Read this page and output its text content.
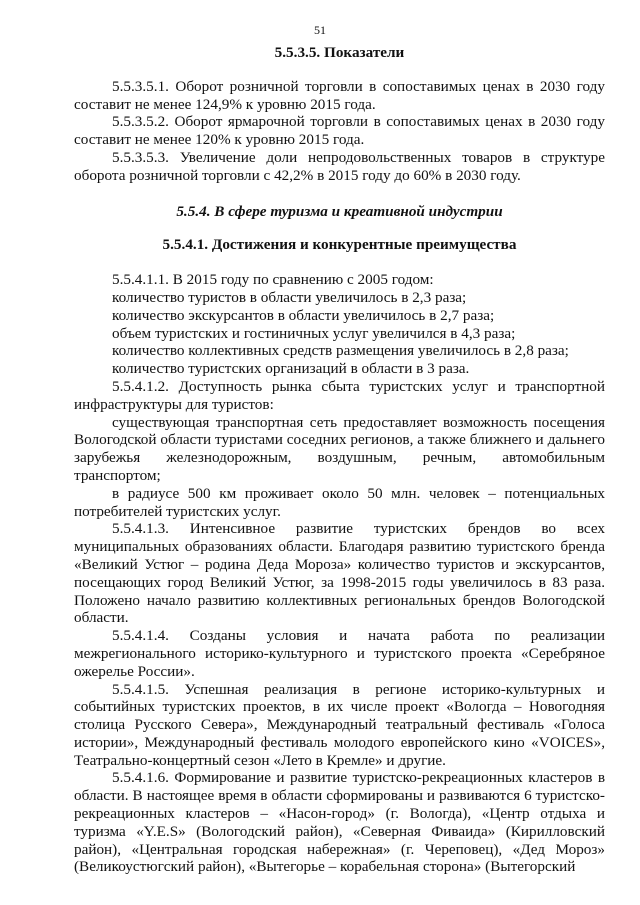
51
5.5.3.5. Показатели

5.5.3.5.1. Оборот розничной торговли в сопоставимых ценах в 2030 году составит не менее 124,9% к уровню 2015 года.

5.5.3.5.2. Оборот ярмарочной торговли в сопоставимых ценах в 2030 году составит не менее 120% к уровню 2015 года.

5.5.3.5.3. Увеличение доли непродовольственных товаров в структуре оборота розничной торговли с 42,2% в 2015 году до 60% в 2030 году.

5.5.4. В сфере туризма и креативной индустрии
5.5.4.1. Достижения и конкурентные преимущества

5.5.4.1.1. В 2015 году по сравнению с 2005 годом:

количество туристов в области увеличилось в 2,3 раза;

количество экскурсантов в области увеличилось в 2,7 раза;

объем туристских и гостиничных услуг увеличился в 4,3 раза;

количество коллективных средств размещения увеличилось в 2,8 раза;

количество туристских организаций в области в 3 раза.

5.5.4.1.2. Доступность рынка сбыта туристских услуг и транспортной инфраструктуры для туристов:

существующая транспортная сеть предоставляет возможность посещения Вологодской области туристами соседних регионов, а также ближнего и дальнего зарубежья железнодорожным, воздушным, речным, автомобильным транспортом;

в радиусе 500 км проживает около 50 млн. человек – потенциальных потребителей туристских услуг.

5.5.4.1.3. Интенсивное развитие туристских брендов во всех муниципальных образованиях области. Благодаря развитию туристского бренда «Великий Устюг – родина Деда Мороза» количество туристов и экскурсантов, посещающих город Великий Устюг, за 1998-2015 годы увеличилось в 83 раза. Положено начало развитию коллективных региональных брендов Вологодской области.

5.5.4.1.4. Созданы условия и начата работа по реализации межрегионального историко-культурного и туристского проекта «Серебряное ожерелье России».

5.5.4.1.5. Успешная реализация в регионе историко-культурных и событийных туристских проектов, в их числе проект «Вологда – Новогодняя столица Русского Севера», Международный театральный фестиваль «Голоса истории», Международный фестиваль молодого европейского кино «VOICES», Театрально-концертный сезон «Лето в Кремле» и другие.

5.5.4.1.6. Формирование и развитие туристско-рекреационных кластеров в области. В настоящее время в области сформированы и развиваются 6 туристско-рекреационных кластеров – «Насон-город» (г. Вологда), «Центр отдыха и туризма «Y.E.S» (Вологодский район), «Северная Фиваида» (Кирилловский район), «Центральная городская набережная» (г. Череповец), «Дед Мороз» (Великоустюгский район), «Вытегорье – корабельная сторона» (Вытегорский
